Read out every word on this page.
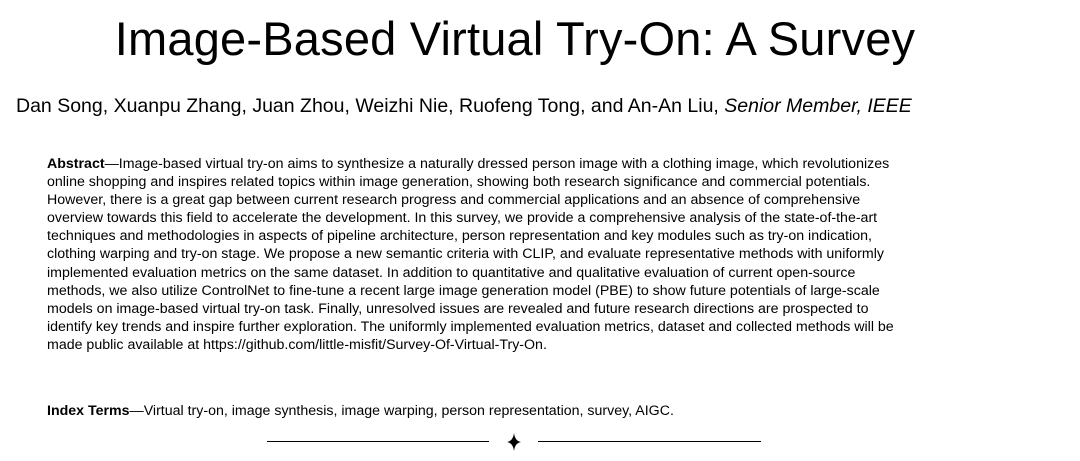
Image-Based Virtual Try-On: A Survey
Dan Song, Xuanpu Zhang, Juan Zhou, Weizhi Nie, Ruofeng Tong, and An-An Liu, Senior Member, IEEE

Abstract—Image-based virtual try-on aims to synthesize a naturally dressed person image with a clothing image, which revolutionizes
online shopping and inspires related topics within image generation, showing both research significance and commercial potentials.
However, there is a great gap between current research progress and commercial applications and an absence of comprehensive
overview towards this field to accelerate the development. In this survey, we provide a comprehensive analysis of the state-of-the-art
techniques and methodologies in aspects of pipeline architecture, person representation and key modules such as try-on indication,
clothing warping and try-on stage. We propose a new semantic criteria with CLIP, and evaluate representative methods with uniformly
implemented evaluation metrics on the same dataset. In addition to quantitative and qualitative evaluation of current open-source
methods, we also utilize ControlNet to fine-tune a recent large image generation model (PBE) to show future potentials of large-scale
models on image-based virtual try-on task. Finally, unresolved issues are revealed and future research directions are prospected to
identify key trends and inspire further exploration. The uniformly implemented evaluation metrics, dataset and collected methods will be
made public available at https://github.com/little-misfit/Survey-Of-Virtual-Try-On.

Index Terms—Virtual try-on, image synthesis, image warping, person representation, survey, AIGC.
